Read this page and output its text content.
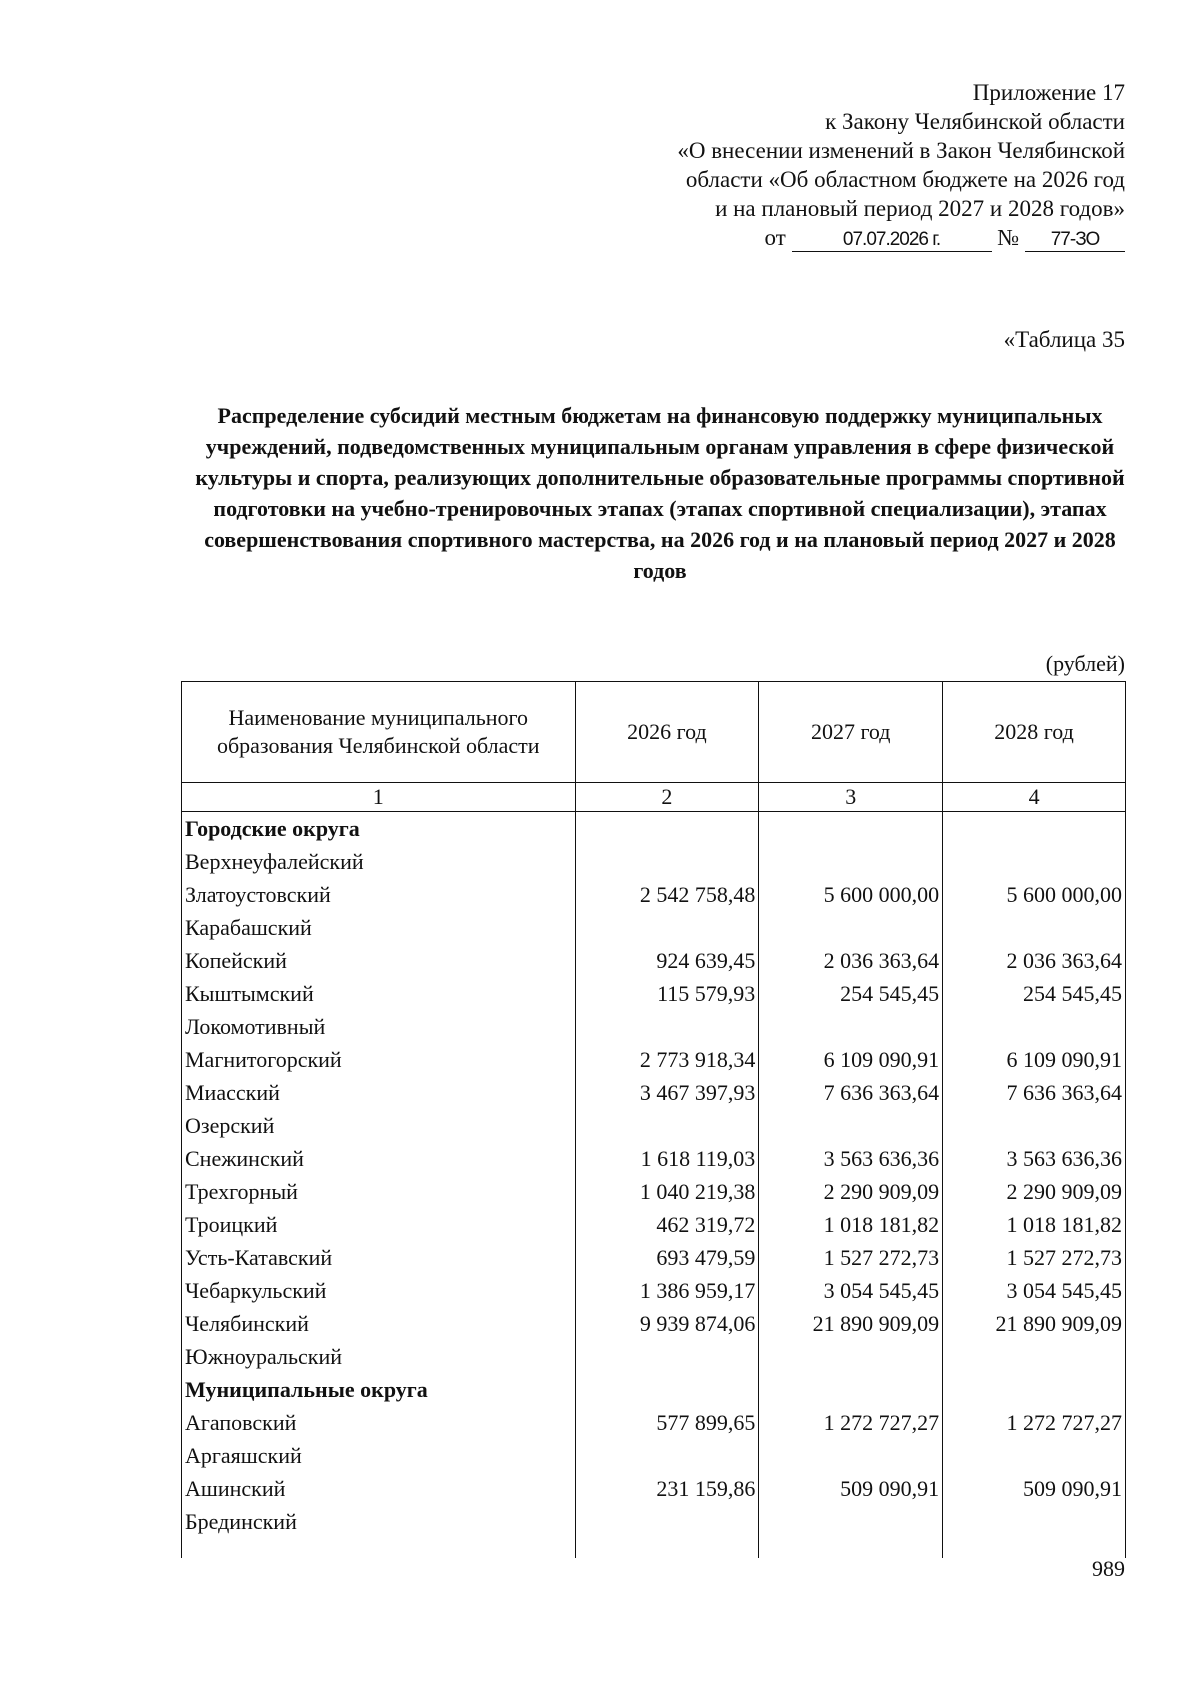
Приложение 17
к Закону Челябинской области
«О внесении изменений в Закон Челябинской
области «Об областном бюджете на 2026 год
и на плановый период 2027 и 2028 годов»
от	07.07.2026 г. № 77-ЗО
«Таблица 35
Распределение субсидий местным бюджетам на финансовую поддержку муниципальных учреждений, подведомственных муниципальным органам управления в сфере физической культуры и спорта, реализующих дополнительные образовательные программы спортивной подготовки на учебно-тренировочных этапах (этапах спортивной специализации), этапах совершенствования спортивного мастерства, на 2026 год и на плановый период 2027 и 2028 годов
(рублей)
Наименование муниципального образования Челябинской области	2026 год	2027 год	2028 год
1	2	3	4
Городские округа			
Верхнеуфалейский			
Златоустовский	2 542 758,48	5 600 000,00	5 600 000,00
Карабашский			
Копейский	924 639,45	2 036 363,64	2 036 363,64
Кыштымский	115 579,93	254 545,45	254 545,45
Локомотивный			
Магнитогорский	2 773 918,34	6 109 090,91	6 109 090,91
Миасский	3 467 397,93	7 636 363,64	7 636 363,64
Озерский			
Снежинский	1 618 119,03	3 563 636,36	3 563 636,36
Трехгорный	1 040 219,38	2 290 909,09	2 290 909,09
Троицкий	462 319,72	1 018 181,82	1 018 181,82
Усть-Катавский	693 479,59	1 527 272,73	1 527 272,73
Чебаркульский	1 386 959,17	3 054 545,45	3 054 545,45
Челябинский	9 939 874,06	21 890 909,09	21 890 909,09
Южноуральский			
Муниципальные округа			
Агаповский	577 899,65	1 272 727,27	1 272 727,27
Аргаяшский			
Ашинский	231 159,86	509 090,91	509 090,91
Брединский			

989
